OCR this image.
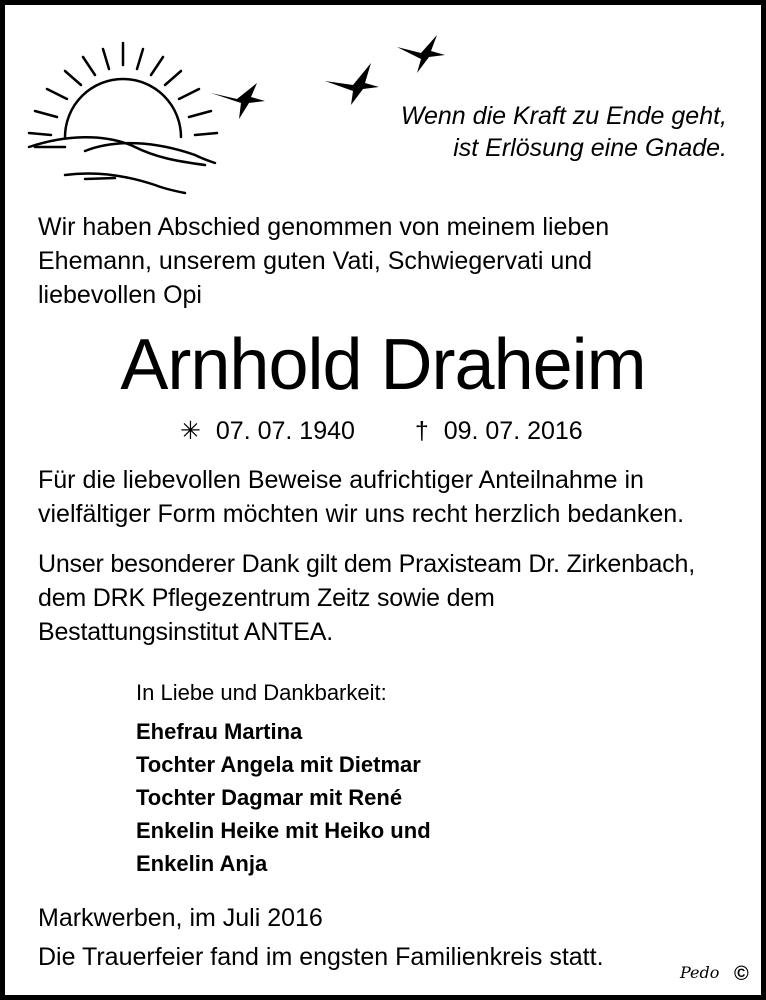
Wenn die Kraft zu Ende geht,
ist Erlösung eine Gnade.
Wir haben Abschied genommen von meinem lieben
Ehemann, unserem guten Vati, Schwiegervati und
liebevollen Opi
Arnhold Draheim
✳ 07. 07. 1940 † 09. 07. 2016
Für die liebevollen Beweise aufrichtiger Anteilnahme in
vielfältiger Form möchten wir uns recht herzlich bedanken.
Unser besonderer Dank gilt dem Praxisteam Dr. Zirkenbach,
dem DRK Pflegezentrum Zeitz sowie dem
Bestattungsinstitut ANTEA.
In Liebe und Dankbarkeit:
Ehefrau Martina
Tochter Angela mit Dietmar
Tochter Dagmar mit René
Enkelin Heike mit Heiko und
Enkelin Anja
Markwerben, im Juli 2016
Die Trauerfeier fand im engsten Familienkreis statt.
Pedo ©
